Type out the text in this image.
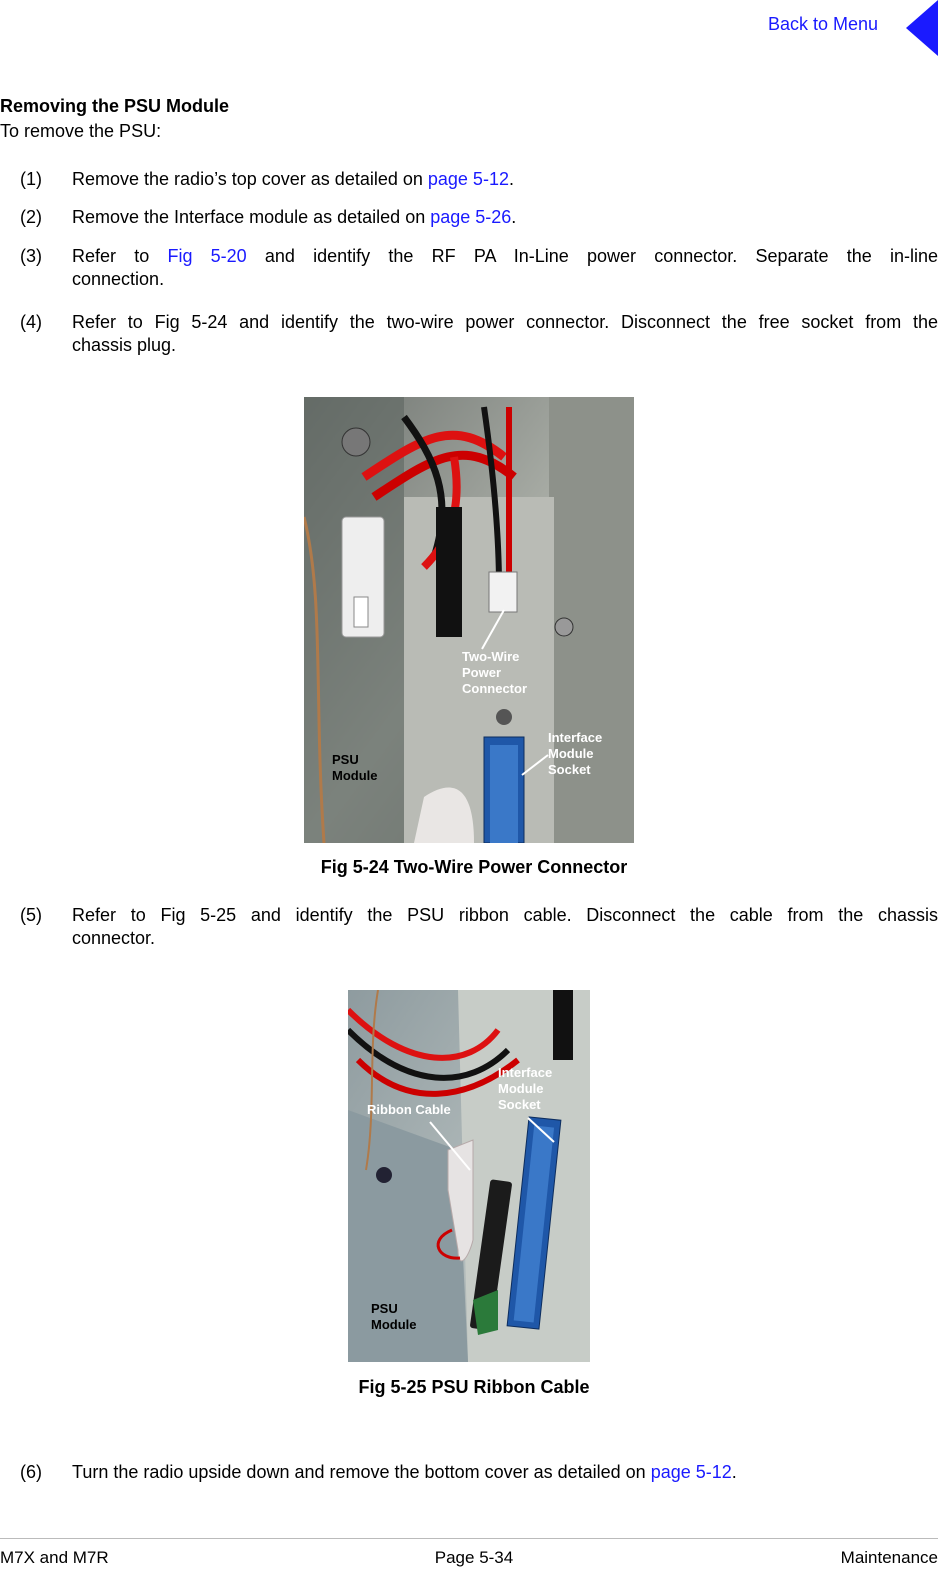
Back to Menu
Removing the PSU Module
To remove the PSU:
(1) Remove the radio’s top cover as detailed on page 5-12.
(2) Remove the Interface module as detailed on page 5-26.
(3) Refer to Fig 5-20 and identify the RF PA In-Line power connector. Separate the in-line
connection.
(4) Refer to Fig 5-24 and identify the two-wire power connector. Disconnect the free socket from the
chassis plug.
Two-Wire
Power
Connector
Interface
Module
Socket
PSU
Module
Fig 5-24 Two-Wire Power Connector
(5) Refer to Fig 5-25 and identify the PSU ribbon cable. Disconnect the cable from the chassis
connector.
Ribbon Cable
Interface
Module
Socket
PSU
Module
Fig 5-25 PSU Ribbon Cable
(6) Turn the radio upside down and remove the bottom cover as detailed on page 5-12.
M7X and M7R	Page 5-34	Maintenance
